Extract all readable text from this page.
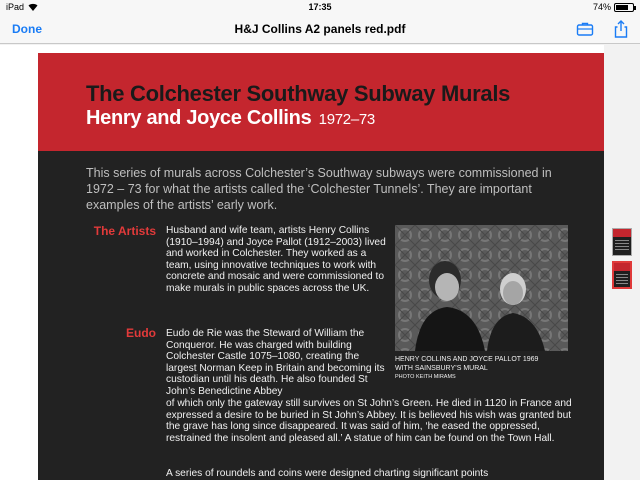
iPad	17:35	74%
Done	H&J Collins A2 panels red.pdf
The Colchester Southway Subway Murals
Henry and Joyce Collins 1972–73
This series of murals across Colchester’s Southway subways were commissioned in 1972 – 73 for what the artists called the ‘Colchester Tunnels’. They are important examples of the artists’ early work.
The Artists Husband and wife team, artists Henry Collins (1910–1994) and Joyce Pallot (1912–2003) lived and worked in Colchester. They worked as a team, using innovative techniques to work with concrete and mosaic and were commissioned to make murals in public spaces across the UK.
Eudo Eudo de Rie was the Steward of William the Conqueror. He was charged with building Colchester Castle 1075–1080, creating the largest Norman Keep in Britain and becoming its custodian until his death. He also founded St John’s Benedictine Abbey
of which only the gateway still survives on St John’s Green. He died in 1120 in France and expressed a desire to be buried in St John’s Abbey. It is believed his wish was granted but the grave has long since disappeared. It was said of him, ‘he eased the oppressed, restrained the insolent and pleased all.’ A statue of him can be found on the Town Hall.
A series of roundels and coins were designed charting significant points
HENRY COLLINS AND JOYCE PALLOT 1969
WITH SAINSBURY’S MURAL
PHOTO KEITH MIRAMS
